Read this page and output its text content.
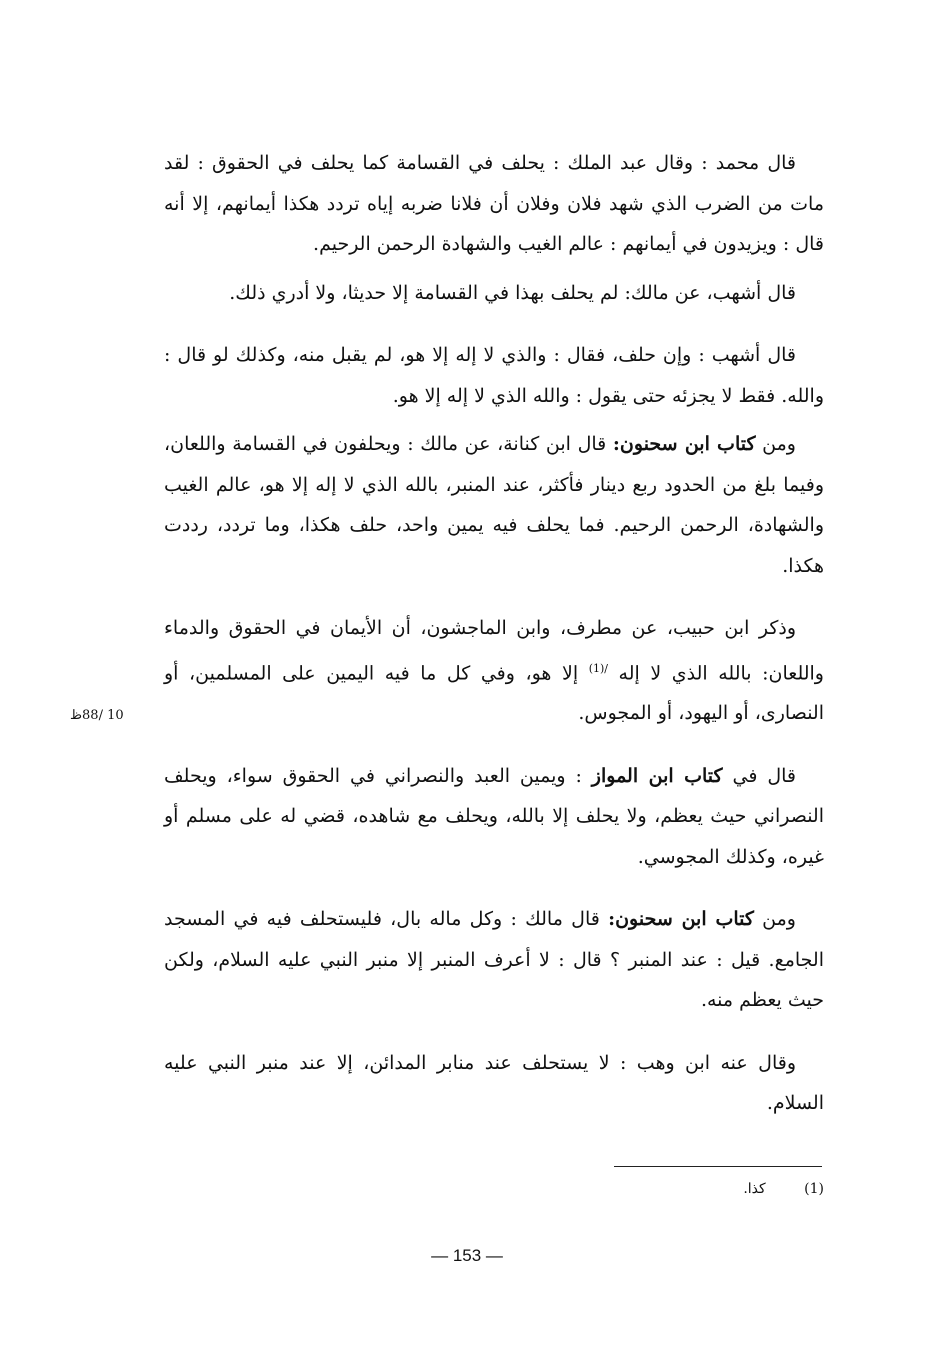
قال محمد : وقال عبد الملك : يحلف في القسامة كما يحلف في الحقوق : لقد مات من الضرب الذي شهد فلان وفلان أن فلانا ضربه إياه تردد هكذا أيمانهم، إلا أنه قال : ويزيدون في أيمانهم : عالم الغيب والشهادة الرحمن الرحيم.

قال أشهب، عن مالك: لم يحلف بهذا في القسامة إلا حديثا، ولا أدري ذلك.

قال أشهب : وإن حلف، فقال : والذي لا إله إلا هو، لم يقبل منه، وكذلك لو قال : والله. فقط لا يجزئه حتى يقول : والله الذي لا إله إلا هو.

ومن كتاب ابن سحنون: قال ابن كنانة، عن مالك : ويحلفون في القسامة واللعان، وفيما بلغ من الحدود ربع دينار فأكثر، عند المنبر، بالله الذي لا إله إلا هو، عالم الغيب والشهادة، الرحمن الرحيم. فما يحلف فيه يمين واحد، حلف هكذا، وما تردد، رددت هكذا.

وذكر ابن حبيب، عن مطرف، وابن الماجشون، أن الأيمان في الحقوق والدماء واللعان: بالله الذي لا إله $^{/(1)}$ إلا هو، وفي كل ما فيه اليمين على المسلمين، أو النصارى، أو اليهود، أو المجوس.

قال في كتاب ابن المواز : ويمين العبد والنصراني في الحقوق سواء، ويحلف النصراني حيث يعظم، ولا يحلف إلا بالله، ويحلف مع شاهده، قضي له على مسلم أو غيره، وكذلك المجوسي.

ومن كتاب ابن سحنون: قال مالك : وكل ماله بال، فليستحلف فيه في المسجد الجامع. قيل : عند المنبر ؟ قال : لا أعرف المنبر إلا منبر النبي عليه السلام، ولكن حيث يعظم منه.

وقال عنه ابن وهب : لا يستحلف عند منابر المدائن، إلا عند منبر النبي عليه السلام.

10 /88ظ
(1) كذا.
— 153 —
